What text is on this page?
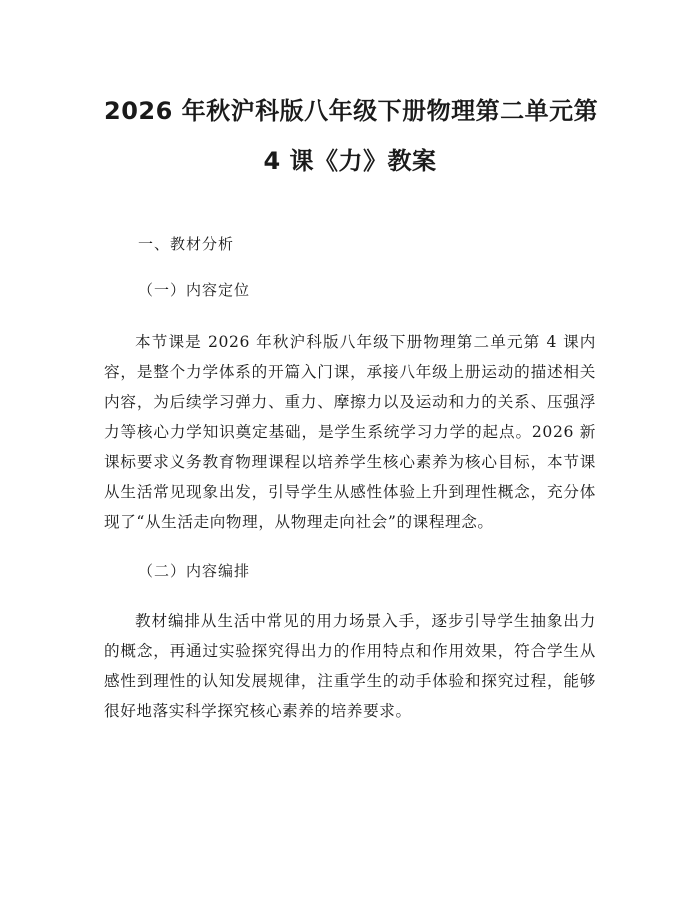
2026 年秋沪科版八年级下册物理第二单元第
4 课《力》教案

一、教材分析

（一）内容定位

本节课是 2026 年秋沪科版八年级下册物理第二单元第 4 课内容，是整个力学体系的开篇入门课，承接八年级上册运动的描述相关内容，为后续学习弹力、重力、摩擦力以及运动和力的关系、压强浮力等核心力学知识奠定基础，是学生系统学习力学的起点。2026 新课标要求义务教育物理课程以培养学生核心素养为核心目标，本节课从生活常见现象出发，引导学生从感性体验上升到理性概念，充分体现了“从生活走向物理，从物理走向社会”的课程理念。

（二）内容编排

教材编排从生活中常见的用力场景入手，逐步引导学生抽象出力的概念，再通过实验探究得出力的作用特点和作用效果，符合学生从感性到理性的认知发展规律，注重学生的动手体验和探究过程，能够很好地落实科学探究核心素养的培养要求。
